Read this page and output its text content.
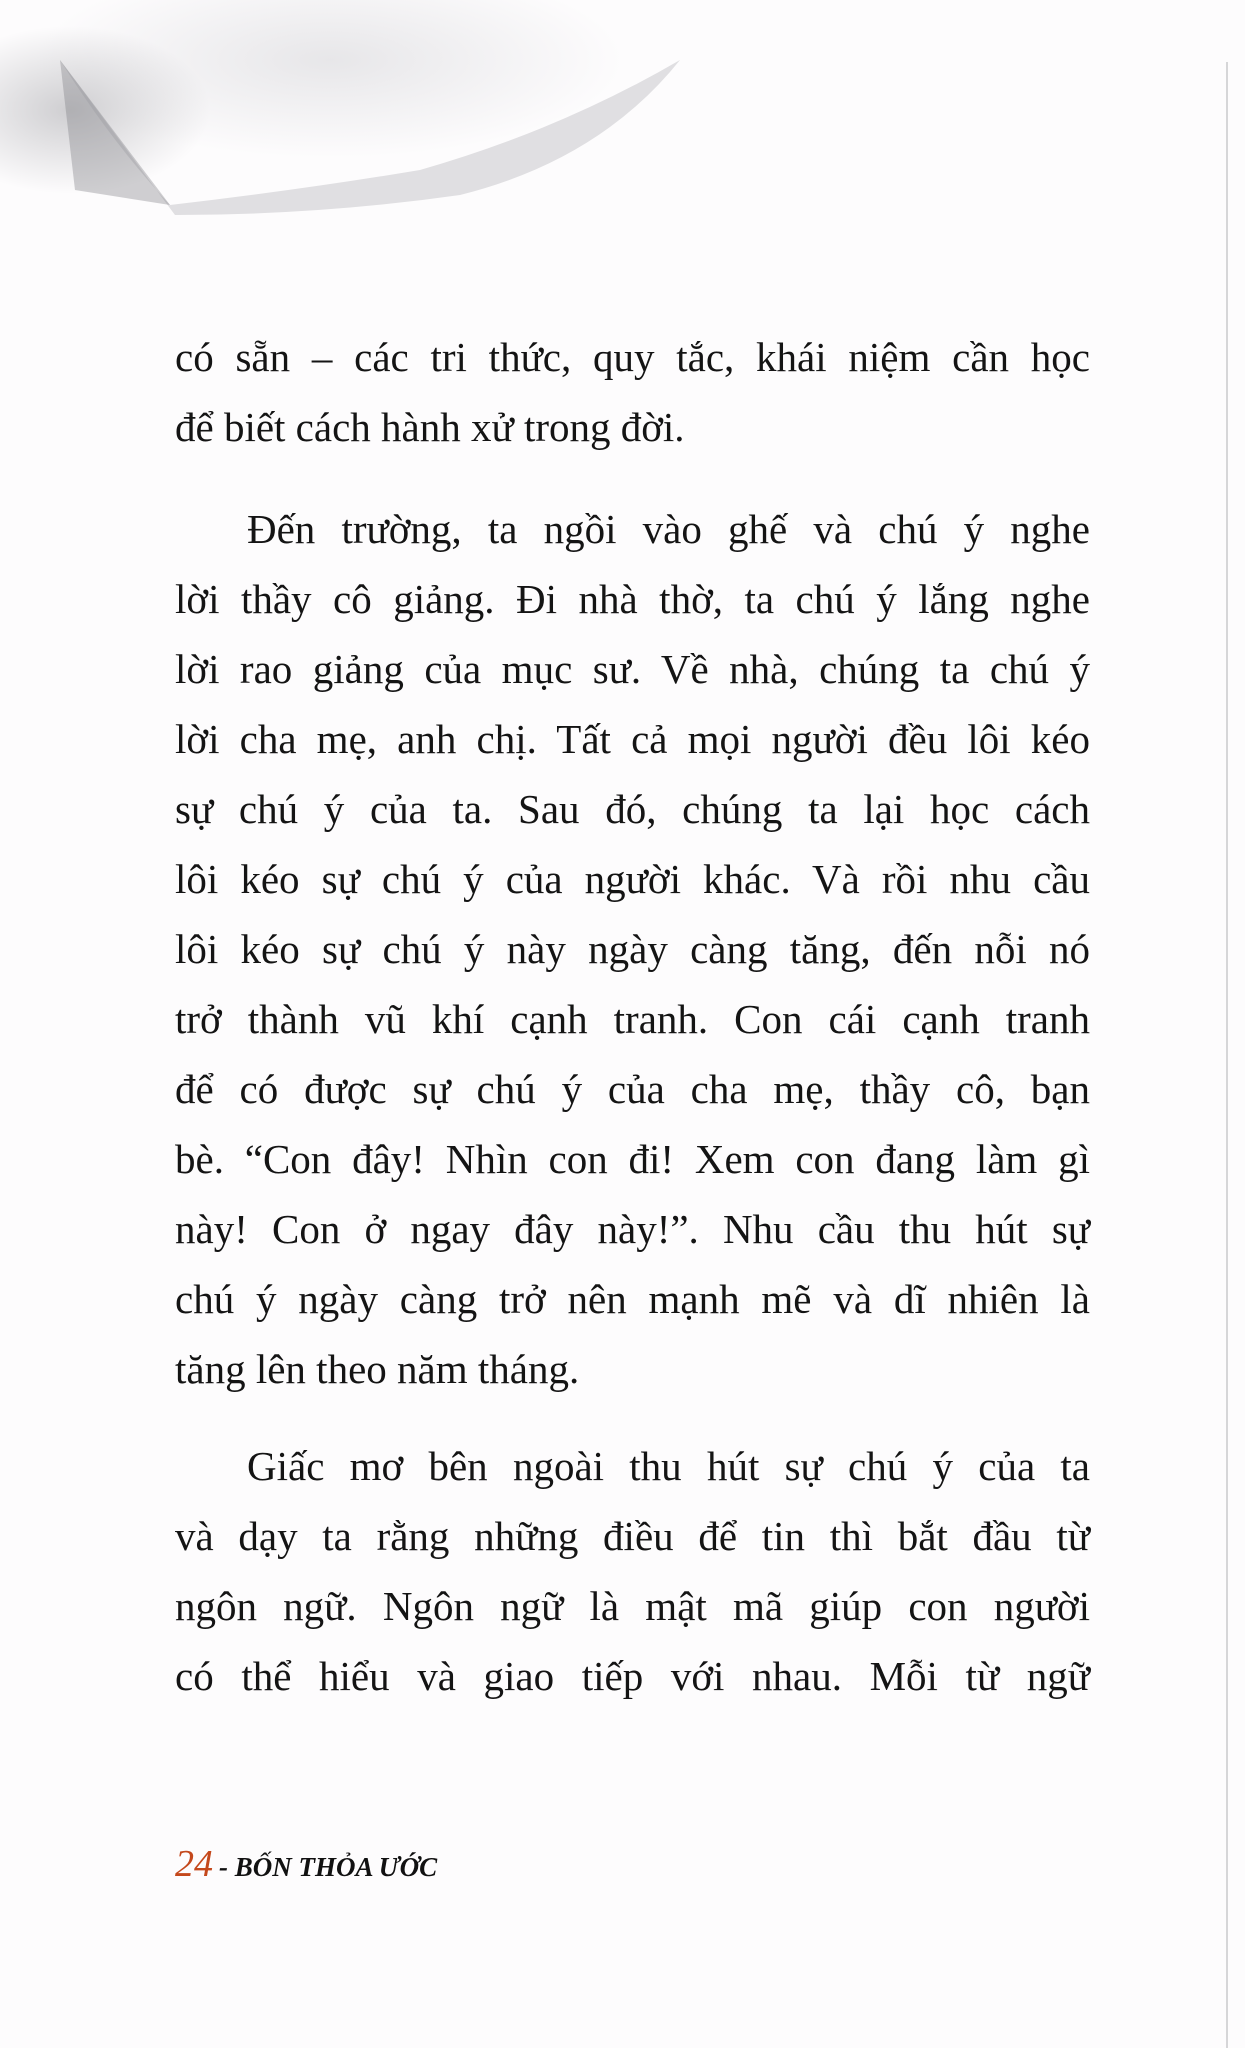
có sẵn – các tri thức, quy tắc, khái niệm cần học
để biết cách hành xử trong đời.
Đến trường, ta ngồi vào ghế và chú ý nghe
lời thầy cô giảng. Đi nhà thờ, ta chú ý lắng nghe
lời rao giảng của mục sư. Về nhà, chúng ta chú ý
lời cha mẹ, anh chị. Tất cả mọi người đều lôi kéo
sự chú ý của ta. Sau đó, chúng ta lại học cách
lôi kéo sự chú ý của người khác. Và rồi nhu cầu
lôi kéo sự chú ý này ngày càng tăng, đến nỗi nó
trở thành vũ khí cạnh tranh. Con cái cạnh tranh
để có được sự chú ý của cha mẹ, thầy cô, bạn
bè. “Con đây! Nhìn con đi! Xem con đang làm gì
này! Con ở ngay đây này!”. Nhu cầu thu hút sự
chú ý ngày càng trở nên mạnh mẽ và dĩ nhiên là
tăng lên theo năm tháng.
Giấc mơ bên ngoài thu hút sự chú ý của ta
và dạy ta rằng những điều để tin thì bắt đầu từ
ngôn ngữ. Ngôn ngữ là mật mã giúp con người
có thể hiểu và giao tiếp với nhau. Mỗi từ ngữ
24 - BỐN THỎA ƯỚC
